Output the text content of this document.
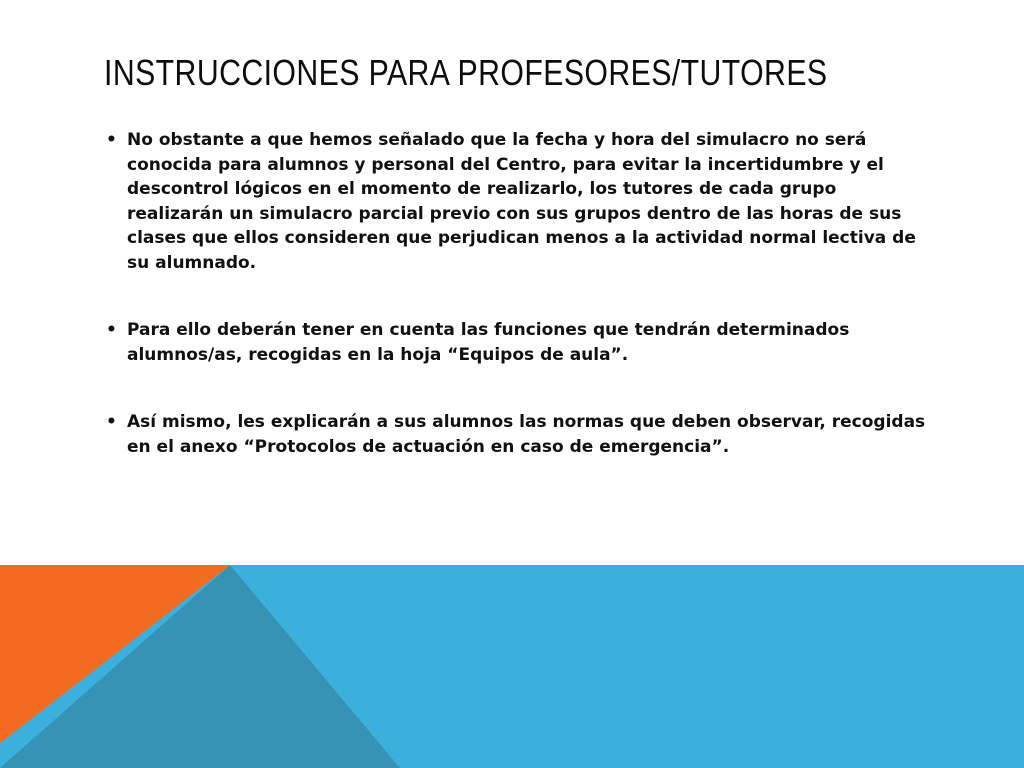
INSTRUCCIONES PARA PROFESORES/TUTORES
• No obstante a que hemos señalado que la fecha y hora del simulacro no será conocida para alumnos y personal del Centro, para evitar la incertidumbre y el descontrol lógicos en el momento de realizarlo, los tutores de cada grupo realizarán un simulacro parcial previo con sus grupos dentro de las horas de sus clases que ellos consideren que perjudican menos a la actividad normal lectiva de su alumnado.
• Para ello deberán tener en cuenta las funciones que tendrán determinados alumnos/as, recogidas en la hoja “Equipos de aula”.
• Así mismo, les explicarán a sus alumnos las normas que deben observar, recogidas en el anexo “Protocolos de actuación en caso de emergencia”.
